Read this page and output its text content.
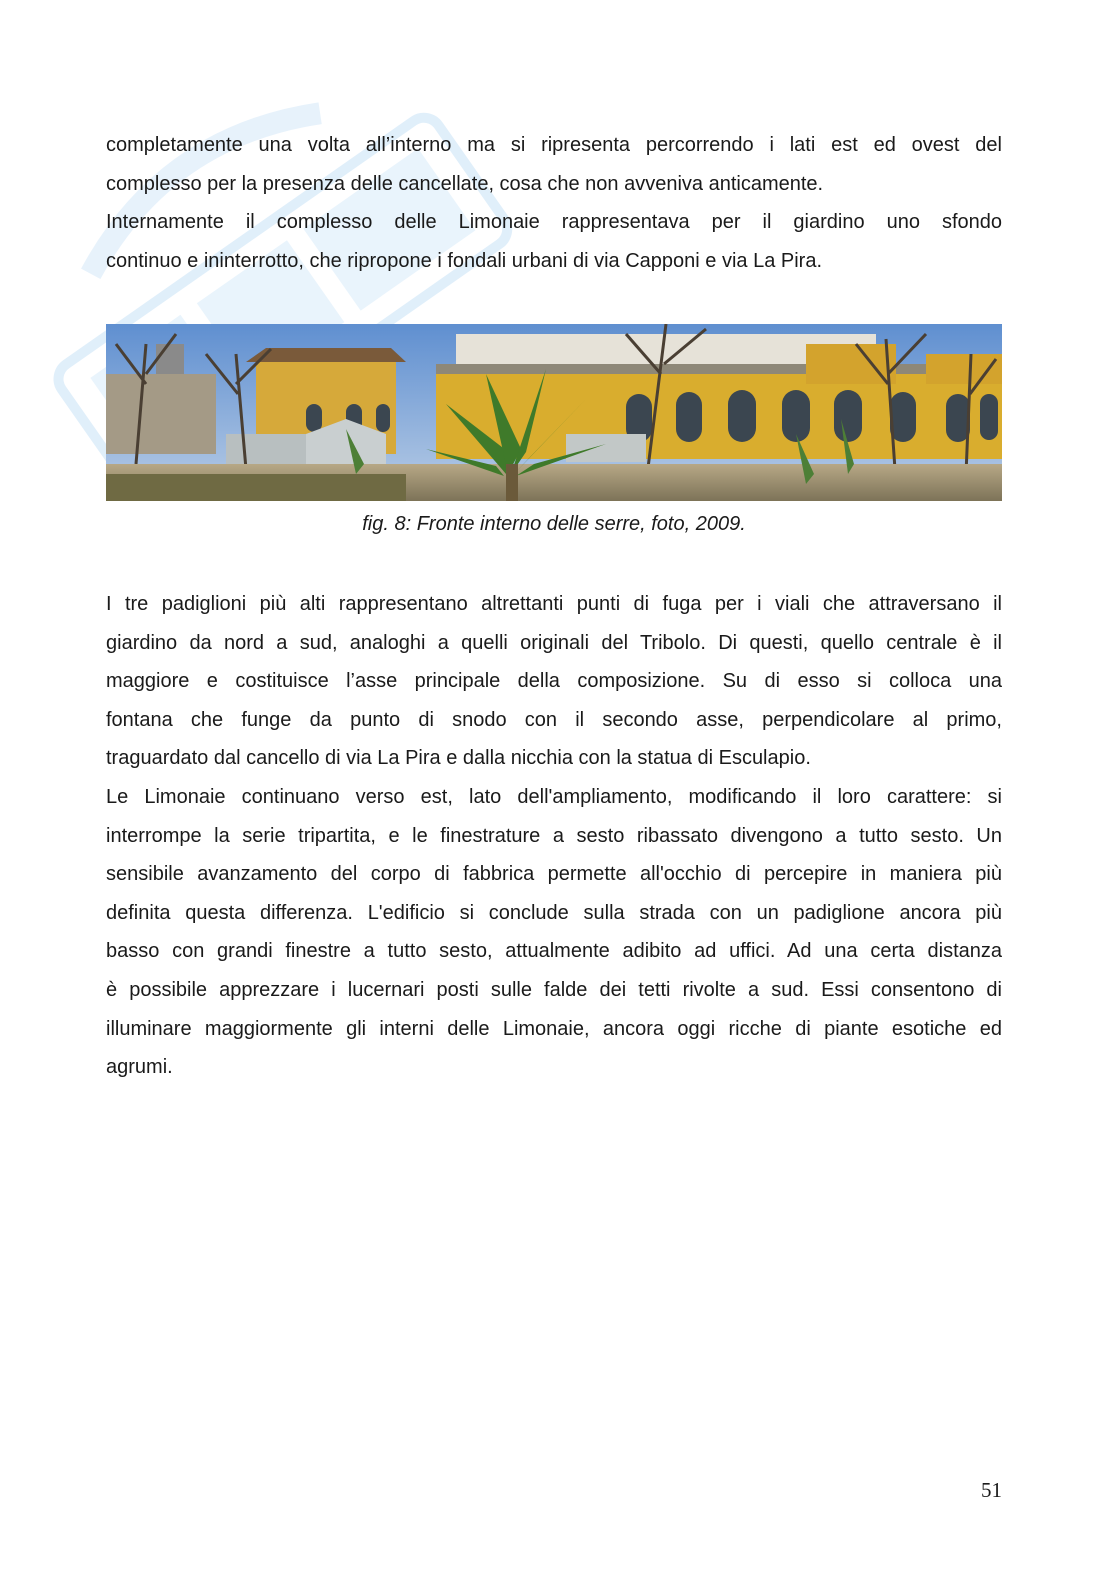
completamente una volta all’interno ma si ripresenta percorrendo i lati est ed ovest del

complesso per la presenza delle cancellate, cosa che non avveniva anticamente.

Internamente il complesso delle Limonaie rappresentava per il giardino uno sfondo

continuo e ininterrotto, che ripropone i fondali urbani di via Capponi e via La Pira.

fig. 8: Fronte interno delle serre, foto, 2009.

I tre padiglioni più alti rappresentano altrettanti punti di fuga per i viali che attraversano il

giardino da nord a sud, analoghi a quelli originali del Tribolo. Di questi, quello centrale è il

maggiore e costituisce l’asse principale della composizione. Su di esso si colloca una

fontana che funge da punto di snodo con il secondo asse, perpendicolare al primo,

traguardato dal cancello di via La Pira e dalla nicchia con la statua di Esculapio.

Le Limonaie continuano verso est, lato dell'ampliamento, modificando il loro carattere: si

interrompe la serie tripartita, e le finestrature a sesto ribassato divengono a tutto sesto. Un

sensibile avanzamento del corpo di fabbrica permette all'occhio di percepire in maniera più

definita questa differenza. L'edificio si conclude sulla strada con un padiglione ancora più

basso con grandi finestre a tutto sesto, attualmente adibito ad uffici. Ad una certa distanza

è possibile apprezzare i lucernari posti sulle falde dei tetti rivolte a sud. Essi consentono di

illuminare maggiormente gli interni delle Limonaie, ancora oggi ricche di piante esotiche ed

agrumi.

51
